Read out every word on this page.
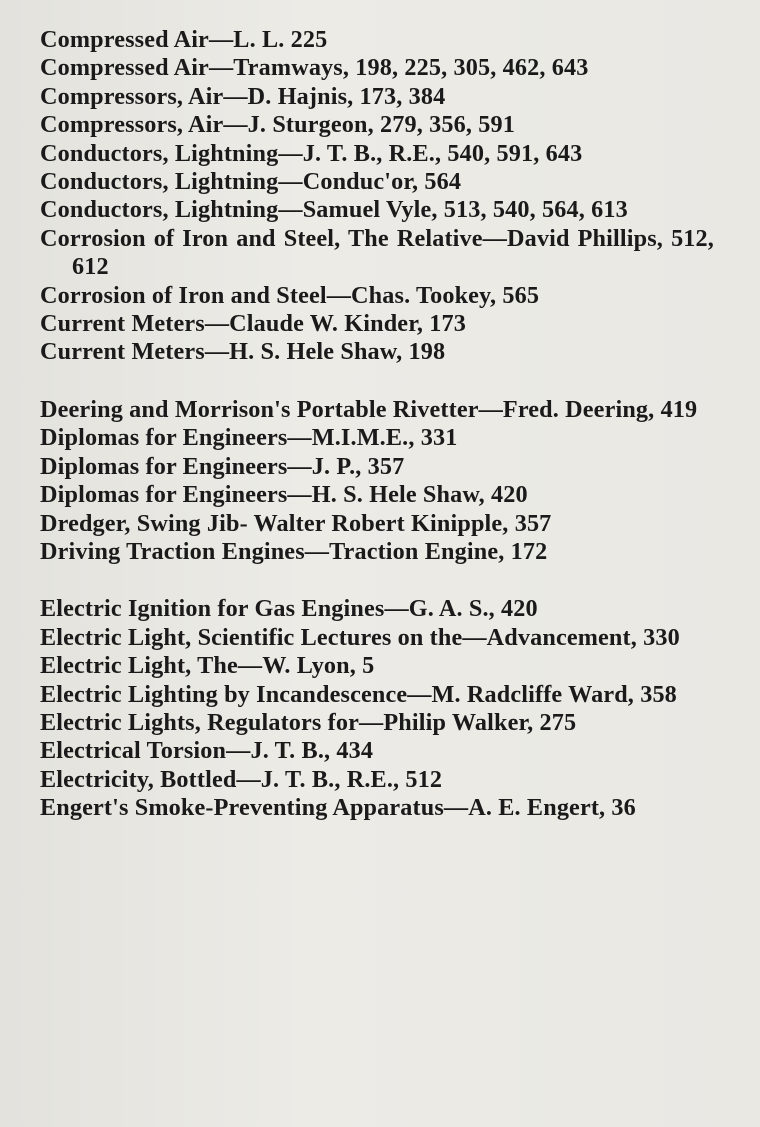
Compressed Air—L. L. 225

Compressed Air—Tramways, 198, 225, 305, 462, 643

Compressors, Air—D. Hajnis, 173, 384

Compressors, Air—J. Sturgeon, 279, 356, 591

Conductors, Lightning—J. T. B., R.E., 540, 591, 643

Conductors, Lightning—Conduc'or, 564

Conductors, Lightning—Samuel Vyle, 513, 540, 564, 613

Corrosion of Iron and Steel, The Relative—David Phillips, 512, 612

Corrosion of Iron and Steel—Chas. Tookey, 565

Current Meters—Claude W. Kinder, 173

Current Meters—H. S. Hele Shaw, 198

Deering and Morrison's Portable Rivetter—Fred. Deering, 419

Diplomas for Engineers—M.I.M.E., 331

Diplomas for Engineers—J. P., 357

Diplomas for Engineers—H. S. Hele Shaw, 420

Dredger, Swing Jib- Walter Robert Kinipple, 357

Driving Traction Engines—Traction Engine, 172

Electric Ignition for Gas Engines—G. A. S., 420

Electric Light, Scientific Lectures on the—Advancement, 330

Electric Light, The—W. Lyon, 5

Electric Lighting by Incandescence—M. Radcliffe Ward, 358

Electric Lights, Regulators for—Philip Walker, 275

Electrical Torsion—J. T. B., 434

Electricity, Bottled—J. T. B., R.E., 512

Engert's Smoke-Preventing Apparatus—A. E. Engert, 36
